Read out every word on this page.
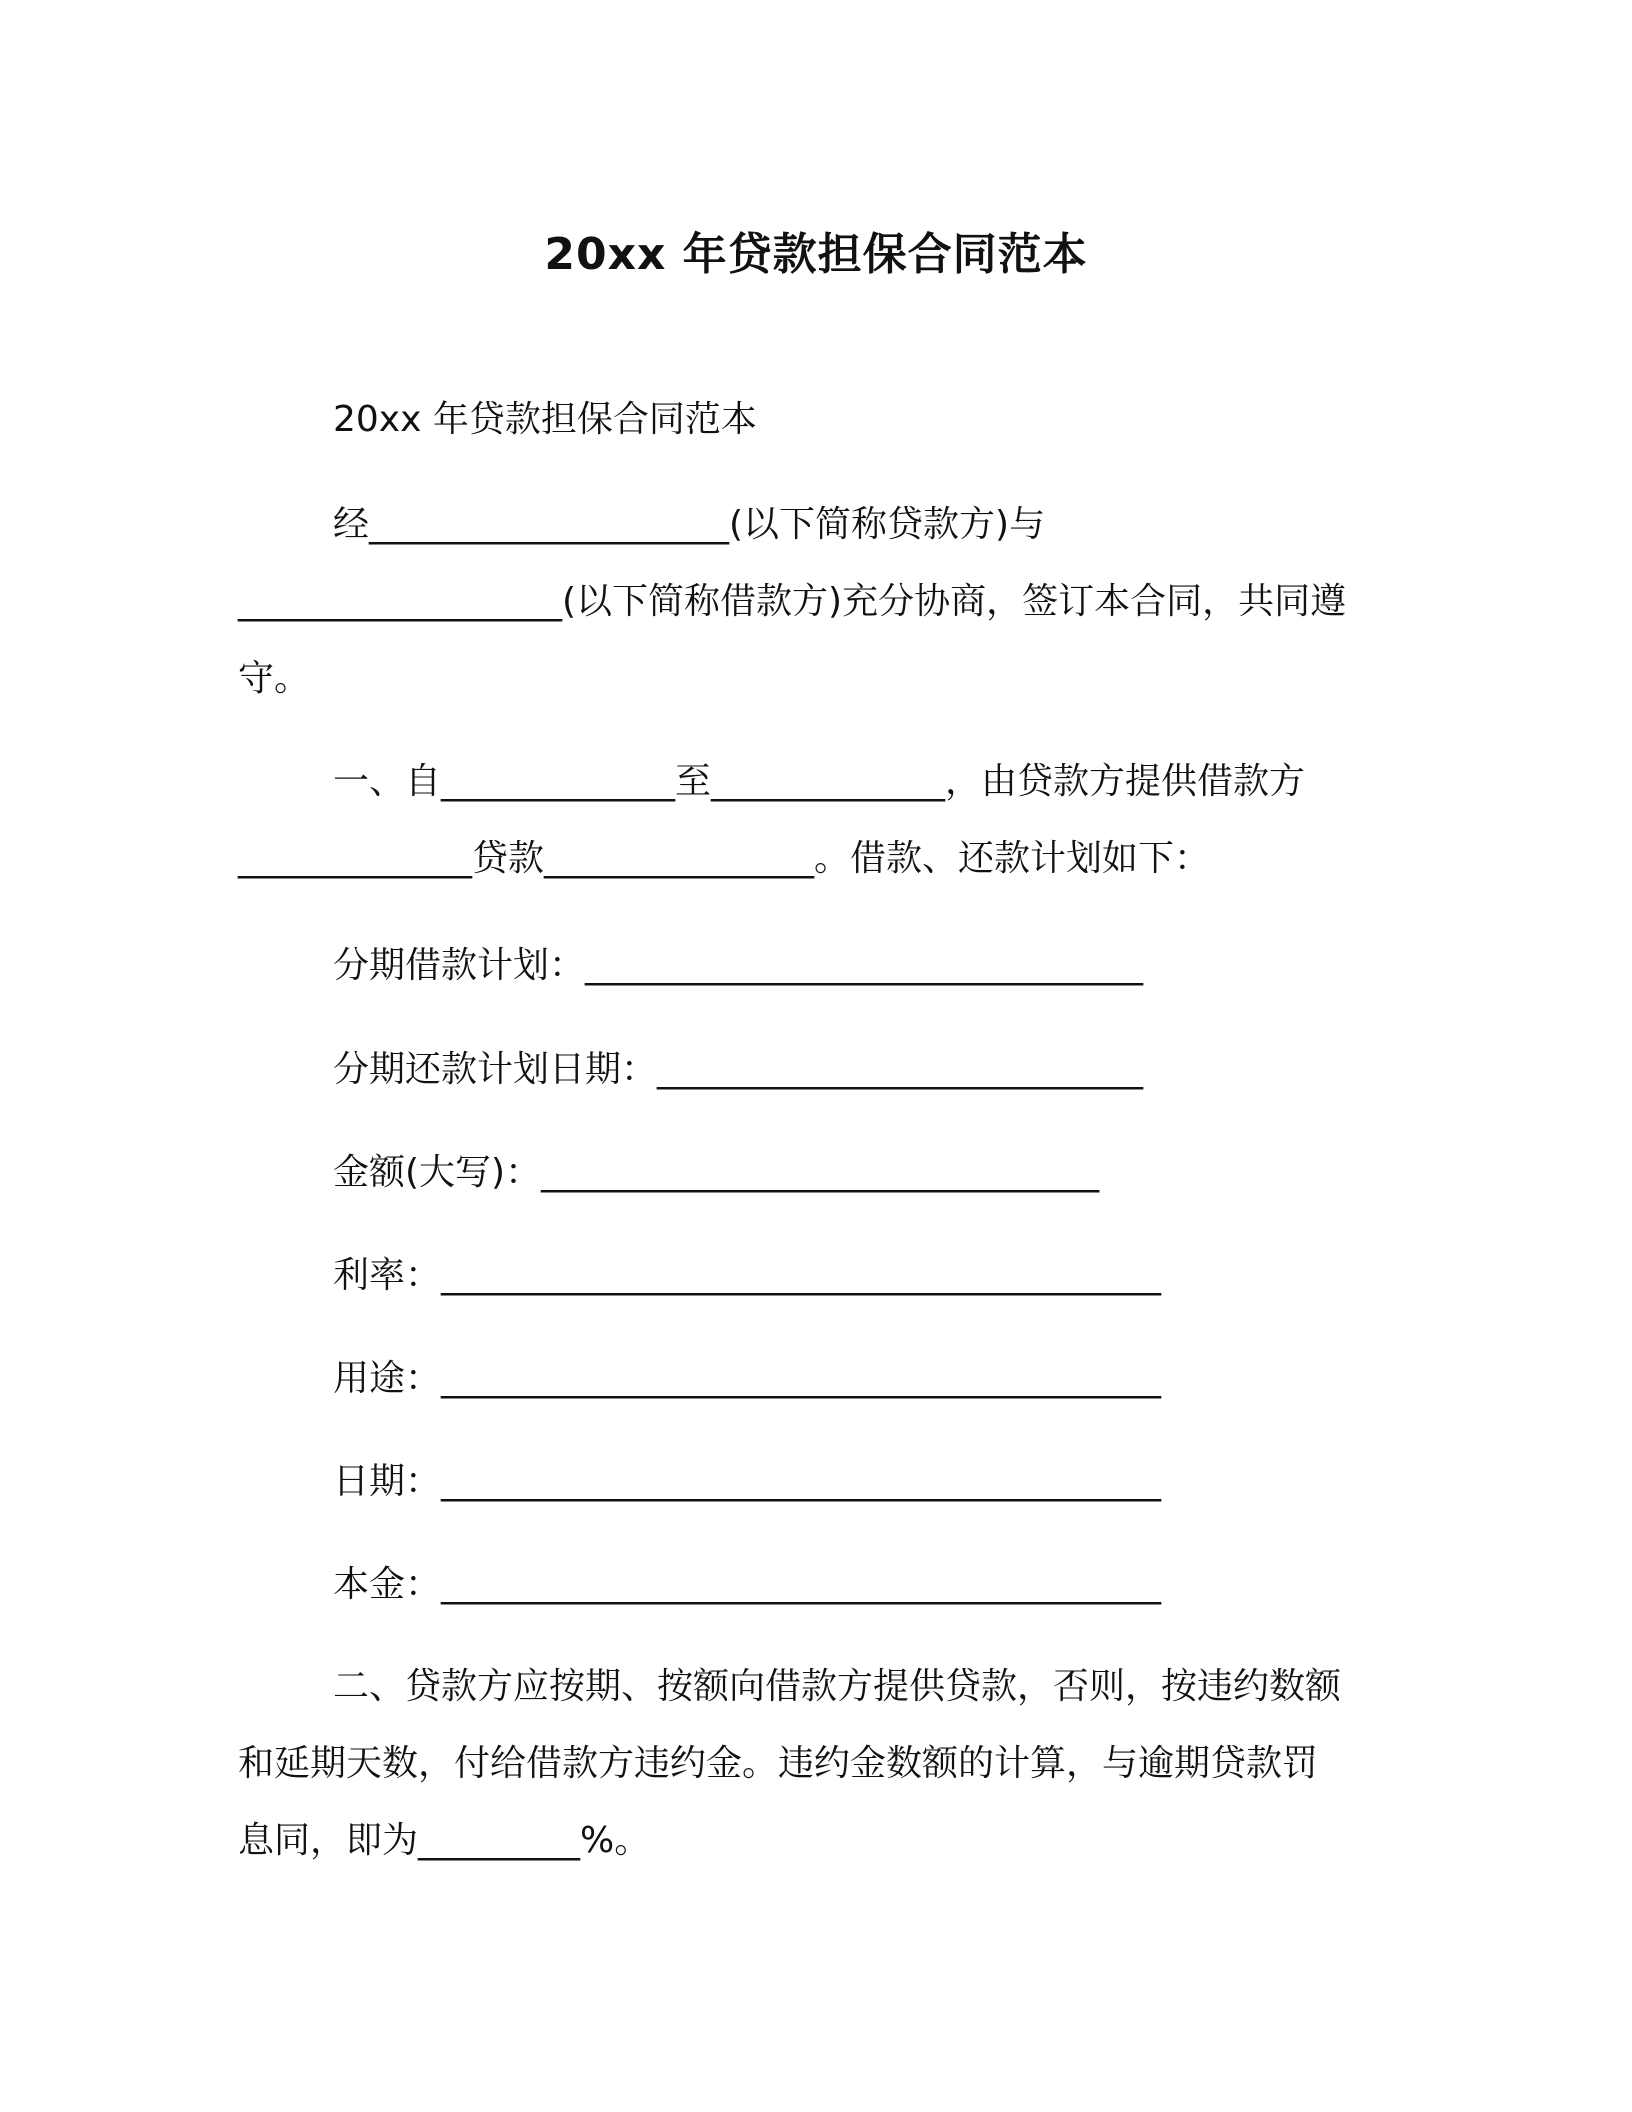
20xx 年贷款担保合同范本
20xx 年贷款担保合同范本
经____________________(以下简称贷款方)与
__________________(以下简称借款方)充分协商，签订本合同，共同遵
守。
一、自_____________至_____________，由贷款方提供借款方
_____________贷款_______________。借款、还款计划如下：
分期借款计划：_______________________________
分期还款计划日期：___________________________
金额(大写)：_______________________________
利率：________________________________________
用途：________________________________________
日期：________________________________________
本金：________________________________________
二、贷款方应按期、按额向借款方提供贷款，否则，按违约数额
和延期天数，付给借款方违约金。违约金数额的计算，与逾期贷款罚
息同，即为_________%。
